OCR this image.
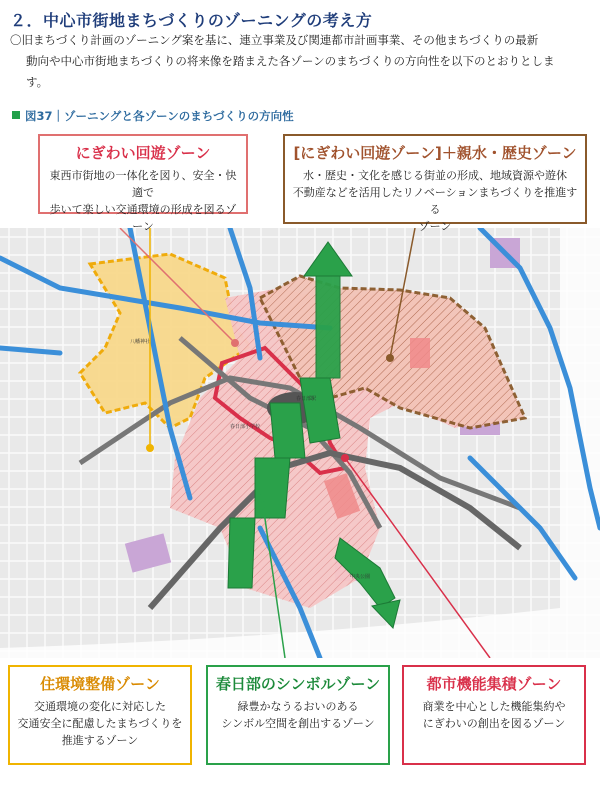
２．中心市街地まちづくりのゾーニングの考え方
〇旧まちづくり計画のゾーニング案を基に、連立事業及び関連都市計画事業、その他まちづくりの最新
動向や中心市街地まちづくりの将来像を踏まえた各ゾーンのまちづくりの方向性を以下のとおりとしま
す。
図37｜ゾーニングと各ゾーンのまちづくりの方向性
春日部駅
春日部小学校
中央公園
八幡神社
にぎわい回遊ゾーン
東西市街地の一体化を図り、安全・快適で
歩いて楽しい交通環境の形成を図るゾーン
[にぎわい回遊ゾーン]＋親水・歴史ゾーン
水・歴史・文化を感じる街並の形成、地域資源や遊休
不動産などを活用したリノベーションまちづくりを推進する
ゾーン
住環境整備ゾーン
交通環境の変化に対応した
交通安全に配慮したまちづくりを
推進するゾーン
春日部のシンボルゾーン
緑豊かなうるおいのある
シンボル空間を創出するゾーン
都市機能集積ゾーン
商業を中心とした機能集約や
にぎわいの創出を図るゾーン
